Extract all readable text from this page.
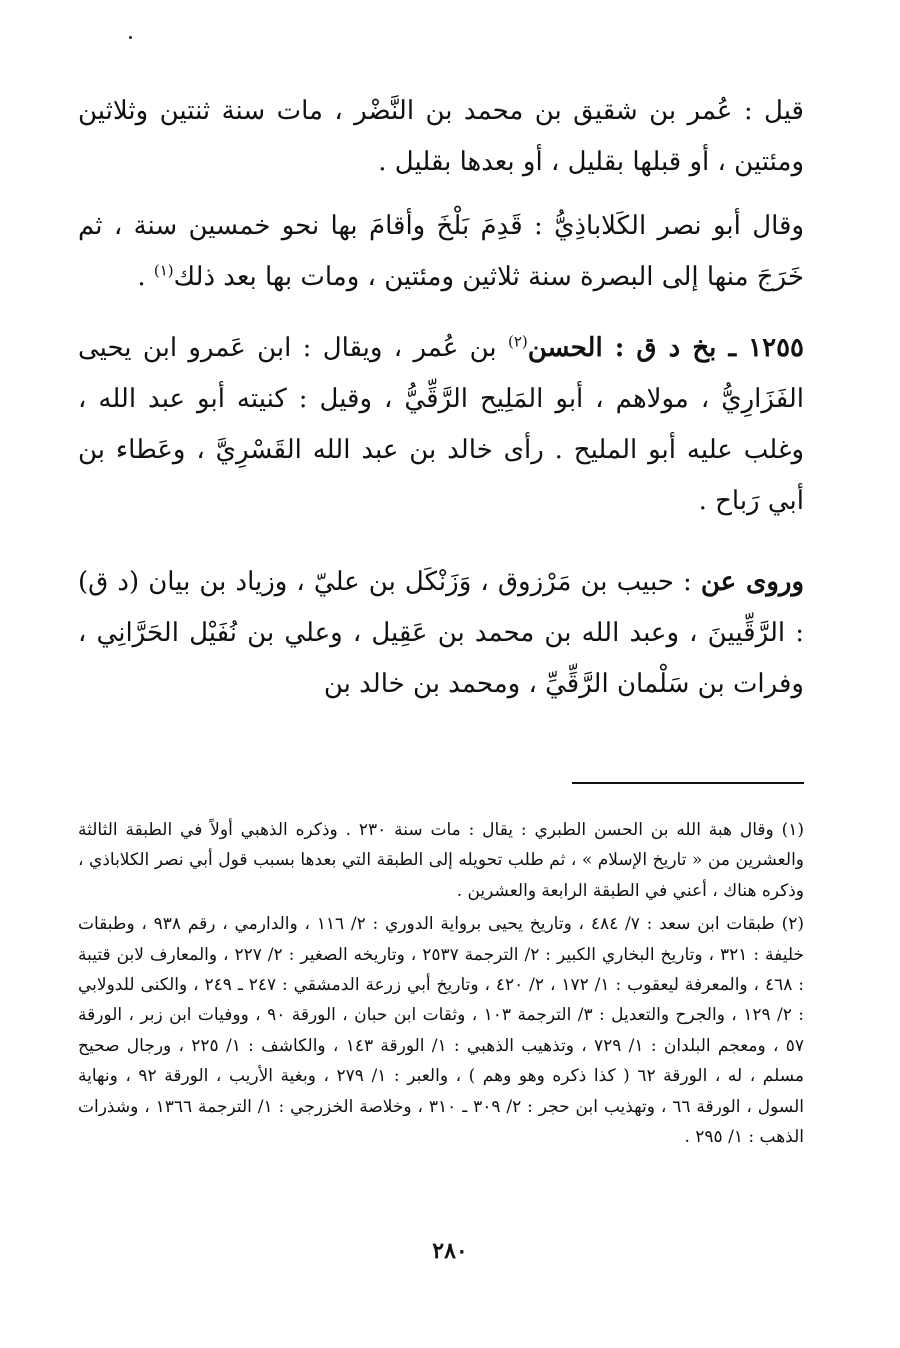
قيل : عُمر بن شقيق بن محمد بن النَّضْر ، مات سنة ثنتين وثلاثين ومئتين ، أو قبلها بقليل ، أو بعدها بقليل .

وقال أبو نصر الكَلاباذِيُّ : قَدِمَ بَلْخَ وأقامَ بها نحو خمسين سنة ، ثم خَرَجَ منها إلى البصرة سنة ثلاثين ومئتين ، ومات بها بعد ذلك$^{(١)}$ .

١٢٥٥ ـ بخ د ق : الحسن$^{(٢)}$ بن عُمر ، ويقال : ابن عَمرو ابن يحيى الفَزَارِيُّ ، مولاهم ، أبو المَلِيح الرَّقِّيُّ ، وقيل : كنيته أبو عبد الله ، وغلب عليه أبو المليح . رأى خالد بن عبد الله القَسْرِيَّ ، وعَطاء بن أبي رَباح .

وروى عن : حبيب بن مَرْزوق ، وَزَنْكَل بن عليّ ، وزياد بن بيان (د ق) : الرَّقِّيينَ ، وعبد الله بن محمد بن عَقِيل ، وعلي بن نُفَيْل الحَرَّانِي ، وفرات بن سَلْمان الرَّقِّيِّ ، ومحمد بن خالد بن

(١) وقال هبة الله بن الحسن الطبري : يقال : مات سنة ٢٣٠ . وذكره الذهبي أولاً في الطبقة الثالثة والعشرين من « تاريخ الإسلام » ، ثم طلب تحويله إلى الطبقة التي بعدها بسبب قول أبي نصر الكلاباذي ، وذكره هناك ، أعني في الطبقة الرابعة والعشرين .

(٢) طبقات ابن سعد : ٧/ ٤٨٤ ، وتاريخ يحيى برواية الدوري : ٢/ ١١٦ ، والدارمي ، رقم ٩٣٨ ، وطبقات خليفة : ٣٢١ ، وتاريخ البخاري الكبير : ٢/ الترجمة ٢٥٣٧ ، وتاريخه الصغير : ٢/ ٢٢٧ ، والمعارف لابن قتيبة : ٤٦٨ ، والمعرفة ليعقوب : ١/ ١٧٢ ، ٢/ ٤٢٠ ، وتاريخ أبي زرعة الدمشقي : ٢٤٧ ـ ٢٤٩ ، والكنى للدولابي : ٢/ ١٢٩ ، والجرح والتعديل : ٣/ الترجمة ١٠٣ ، وثقات ابن حبان ، الورقة ٩٠ ، ووفيات ابن زبر ، الورقة ٥٧ ، ومعجم البلدان : ١/ ٧٢٩ ، وتذهيب الذهبي : ١/ الورقة ١٤٣ ، والكاشف : ١/ ٢٢٥ ، ورجال صحيح مسلم ، له ، الورقة ٦٢ ( كذا ذكره وهو وهم ) ، والعبر : ١/ ٢٧٩ ، وبغية الأريب ، الورقة ٩٢ ، ونهاية السول ، الورقة ٦٦ ، وتهذيب ابن حجر : ٢/ ٣٠٩ ـ ٣١٠ ، وخلاصة الخزرجي : ١/ الترجمة ١٣٦٦ ، وشذرات الذهب : ١/ ٢٩٥ .

٢٨٠
